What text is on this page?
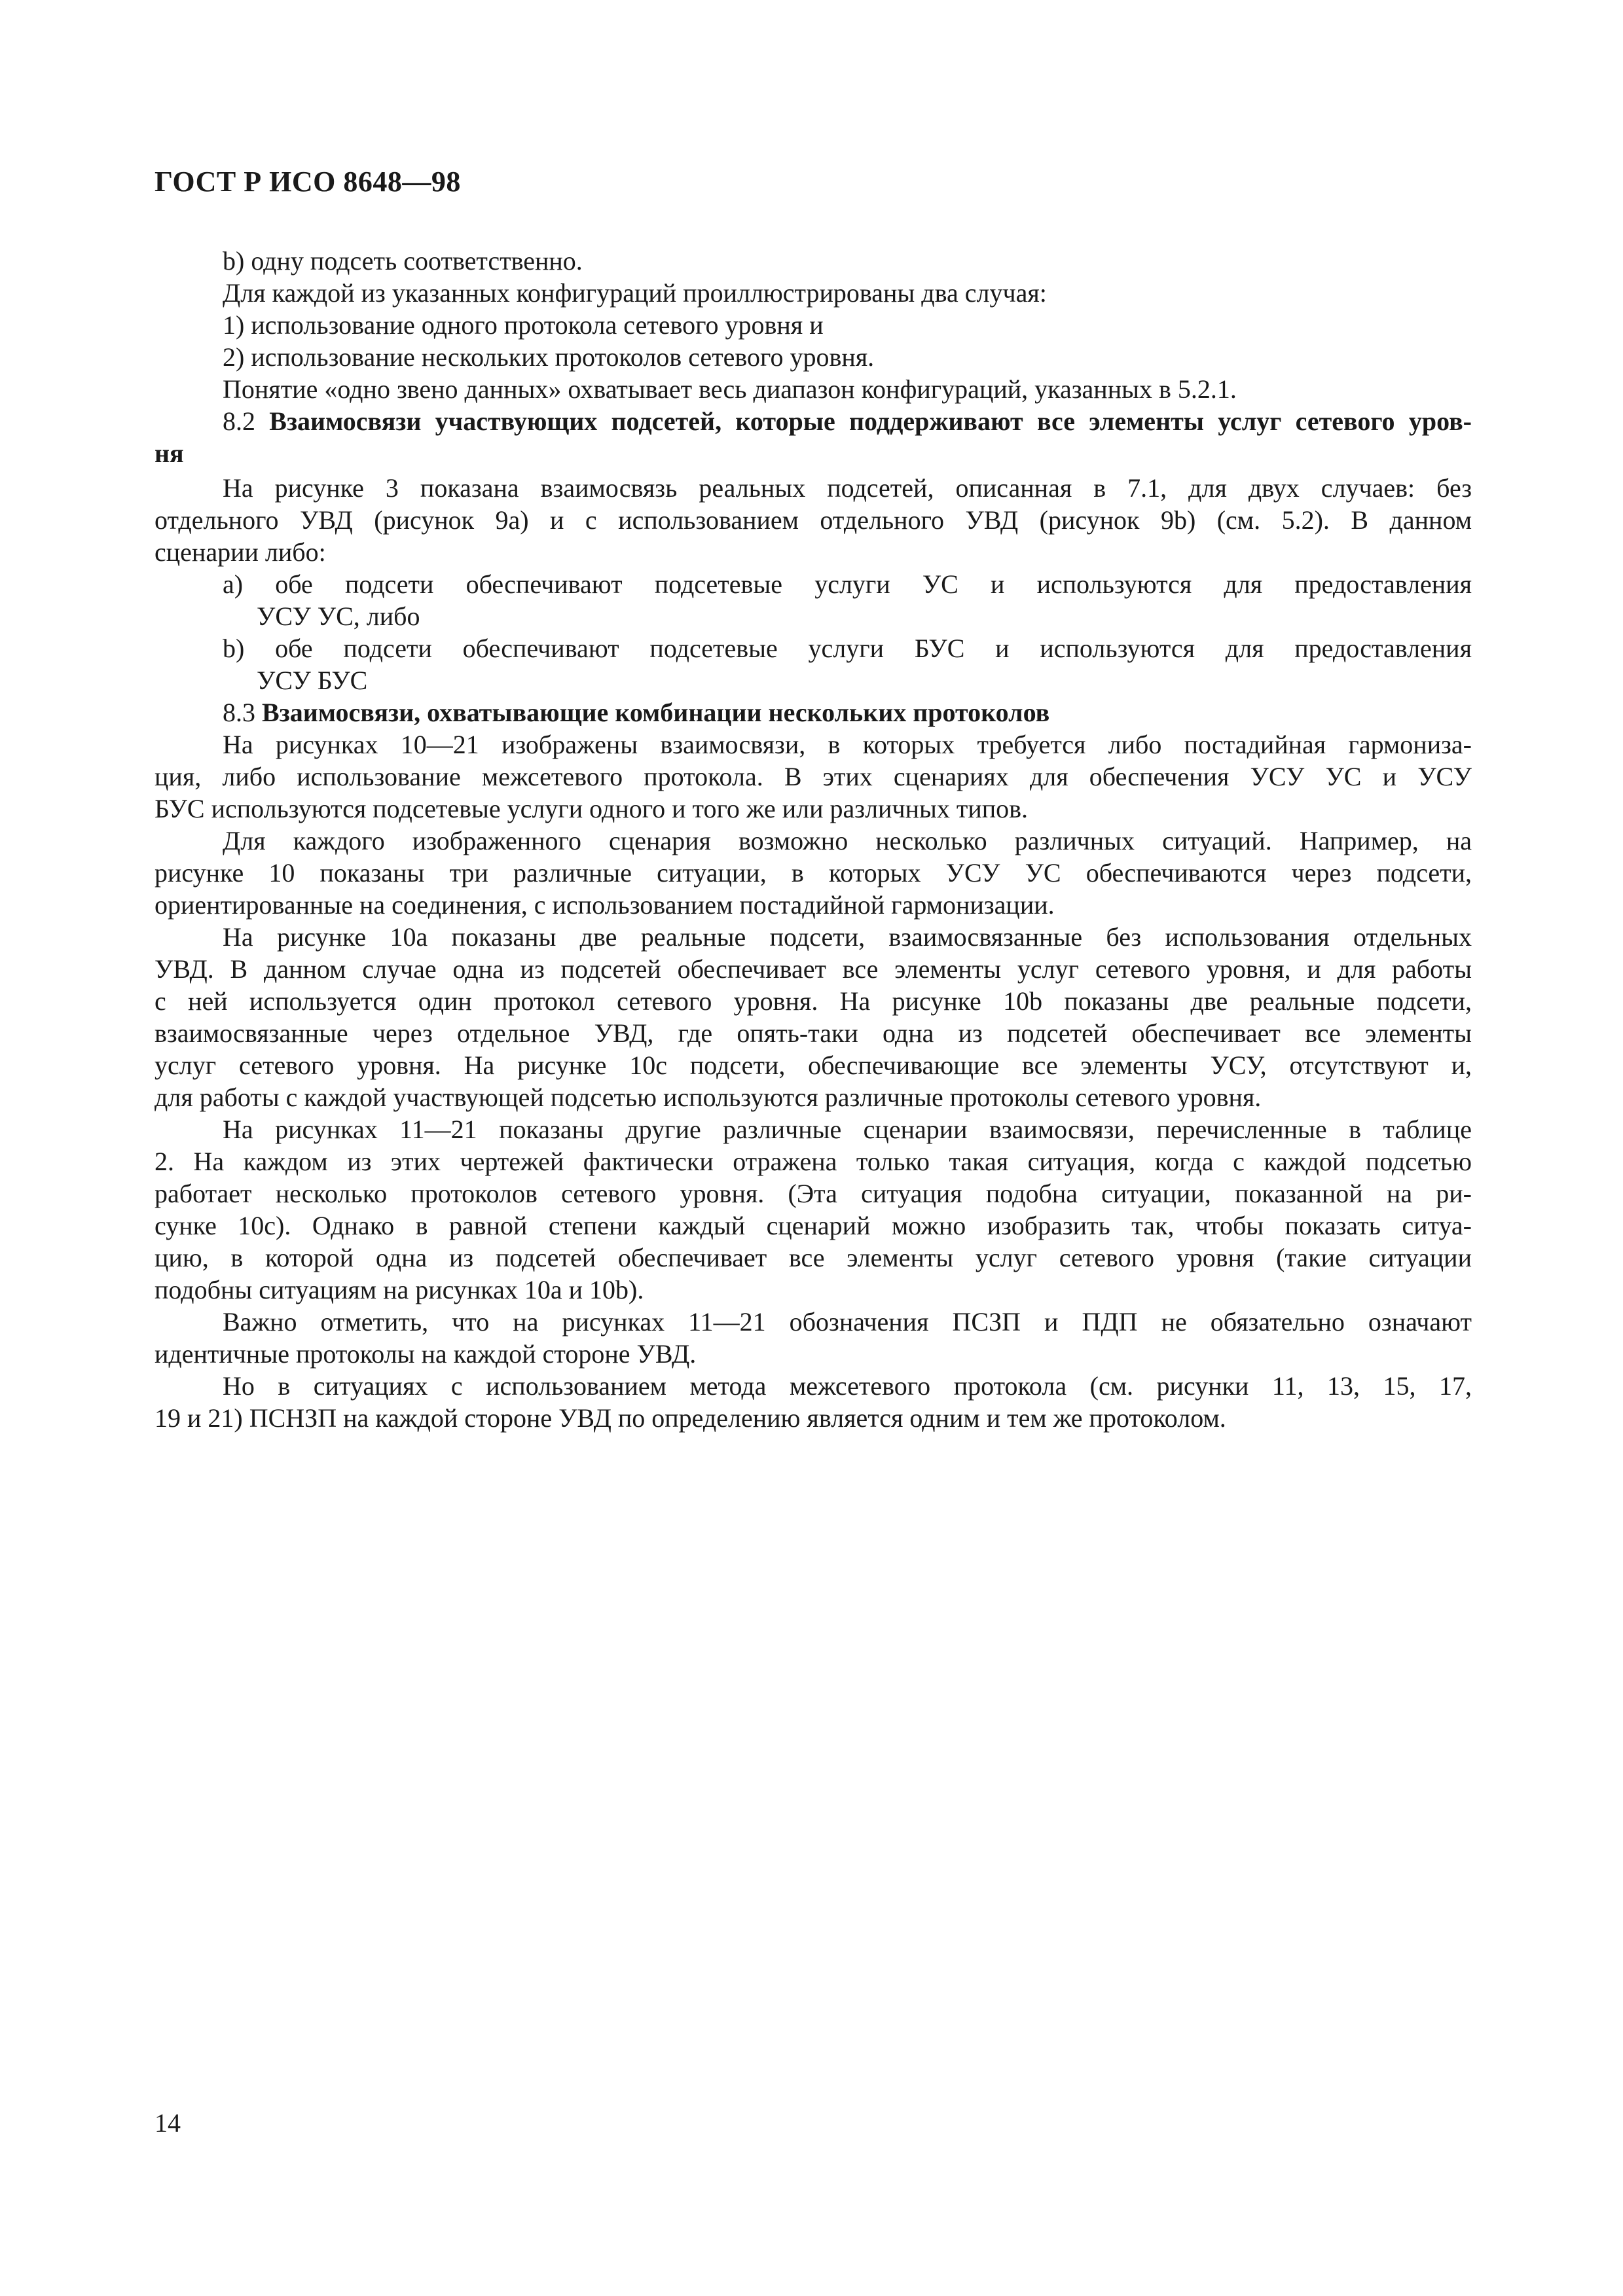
ГОСТ Р ИСО 8648—98
b) одну подсеть соответственно.
Для каждой из указанных конфигураций проиллюстрированы два случая:
1) использование одного протокола сетевого уровня и
2) использование нескольких протоколов сетевого уровня.
Понятие «одно звено данных» охватывает весь диапазон конфигураций, указанных в 5.2.1.
8.2 Взаимосвязи участвующих подсетей, которые поддерживают все элементы услуг сетевого уров-
ня
На рисунке 3 показана взаимосвязь реальных подсетей, описанная в 7.1, для двух случаев: без
отдельного УВД (рисунок 9a) и с использованием отдельного УВД (рисунок 9b) (см. 5.2). В данном
сценарии либо:
a) обе подсети обеспечивают подсетевые услуги УС и используются для предоставления
УСУ УС, либо
b) обе подсети обеспечивают подсетевые услуги БУС и используются для предоставления
УСУ БУС
8.3 Взаимосвязи, охватывающие комбинации нескольких протоколов
На рисунках 10—21 изображены взаимосвязи, в которых требуется либо постадийная гармониза-
ция, либо использование межсетевого протокола. В этих сценариях для обеспечения УСУ УС и УСУ
БУС используются подсетевые услуги одного и того же или различных типов.
Для каждого изображенного сценария возможно несколько различных ситуаций. Например, на
рисунке 10 показаны три различные ситуации, в которых УСУ УС обеспечиваются через подсети,
ориентированные на соединения, с использованием постадийной гармонизации.
На рисунке 10a показаны две реальные подсети, взаимосвязанные без использования отдельных
УВД. В данном случае одна из подсетей обеспечивает все элементы услуг сетевого уровня, и для работы
с ней используется один протокол сетевого уровня. На рисунке 10b показаны две реальные подсети,
взаимосвязанные через отдельное УВД, где опять-таки одна из подсетей обеспечивает все элементы
услуг сетевого уровня. На рисунке 10c подсети, обеспечивающие все элементы УСУ, отсутствуют и,
для работы с каждой участвующей подсетью используются различные протоколы сетевого уровня.
На рисунках 11—21 показаны другие различные сценарии взаимосвязи, перечисленные в таблице
2. На каждом из этих чертежей фактически отражена только такая ситуация, когда с каждой подсетью
работает несколько протоколов сетевого уровня. (Эта ситуация подобна ситуации, показанной на ри-
сунке 10c). Однако в равной степени каждый сценарий можно изобразить так, чтобы показать ситуа-
цию, в которой одна из подсетей обеспечивает все элементы услуг сетевого уровня (такие ситуации
подобны ситуациям на рисунках 10a и 10b).
Важно отметить, что на рисунках 11—21 обозначения ПСЗП и ПДП не обязательно означают
идентичные протоколы на каждой стороне УВД.
Но в ситуациях с использованием метода межсетевого протокола (см. рисунки 11, 13, 15, 17,
19 и 21) ПСНЗП на каждой стороне УВД по определению является одним и тем же протоколом.
14
